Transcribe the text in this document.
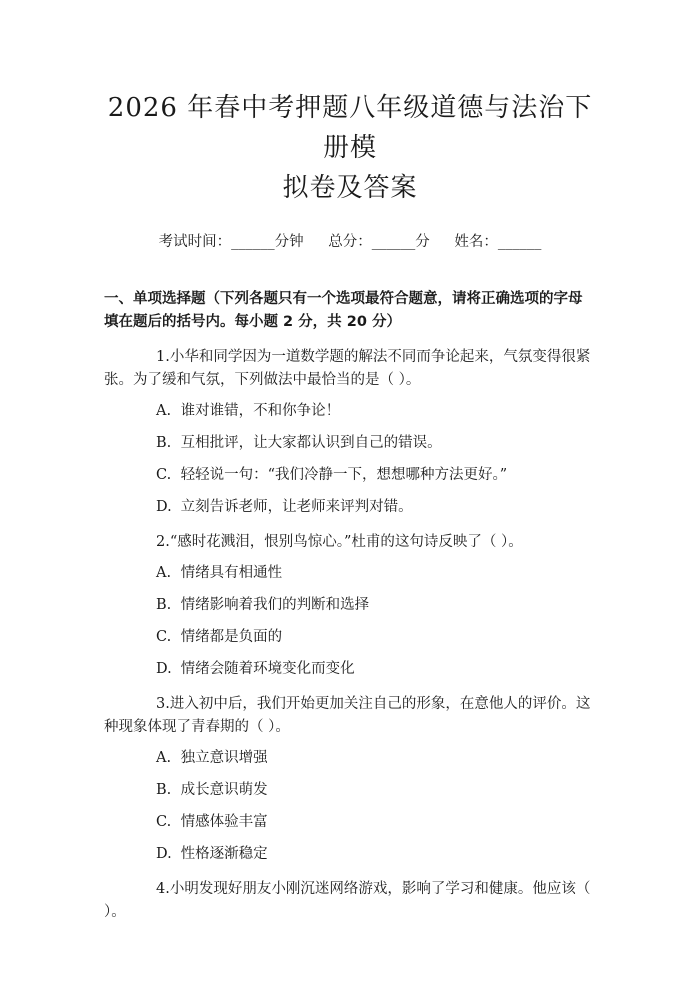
2026 年春中考押题八年级道德与法治下册模
拟卷及答案
考试时间：______分钟 总分：______分 姓名：______
一、单项选择题（下列各题只有一个选项最符合题意，请将正确选项的字母填在题后的括号内。每小题 2 分，共 20 分）
1.小华和同学因为一道数学题的解法不同而争论起来，气氛变得很紧张。为了缓和气氛，下列做法中最恰当的是（ ）。
A. 谁对谁错，不和你争论！
B. 互相批评，让大家都认识到自己的错误。
C. 轻轻说一句：“我们冷静一下，想想哪种方法更好。”
D. 立刻告诉老师，让老师来评判对错。
2.“感时花溅泪，恨别鸟惊心。”杜甫的这句诗反映了（ ）。
A. 情绪具有相通性
B. 情绪影响着我们的判断和选择
C. 情绪都是负面的
D. 情绪会随着环境变化而变化
3.进入初中后，我们开始更加关注自己的形象，在意他人的评价。这种现象体现了青春期的（ ）。
A. 独立意识增强
B. 成长意识萌发
C. 情感体验丰富
D. 性格逐渐稳定
4.小明发现好朋友小刚沉迷网络游戏，影响了学习和健康。他应该（ ）。
